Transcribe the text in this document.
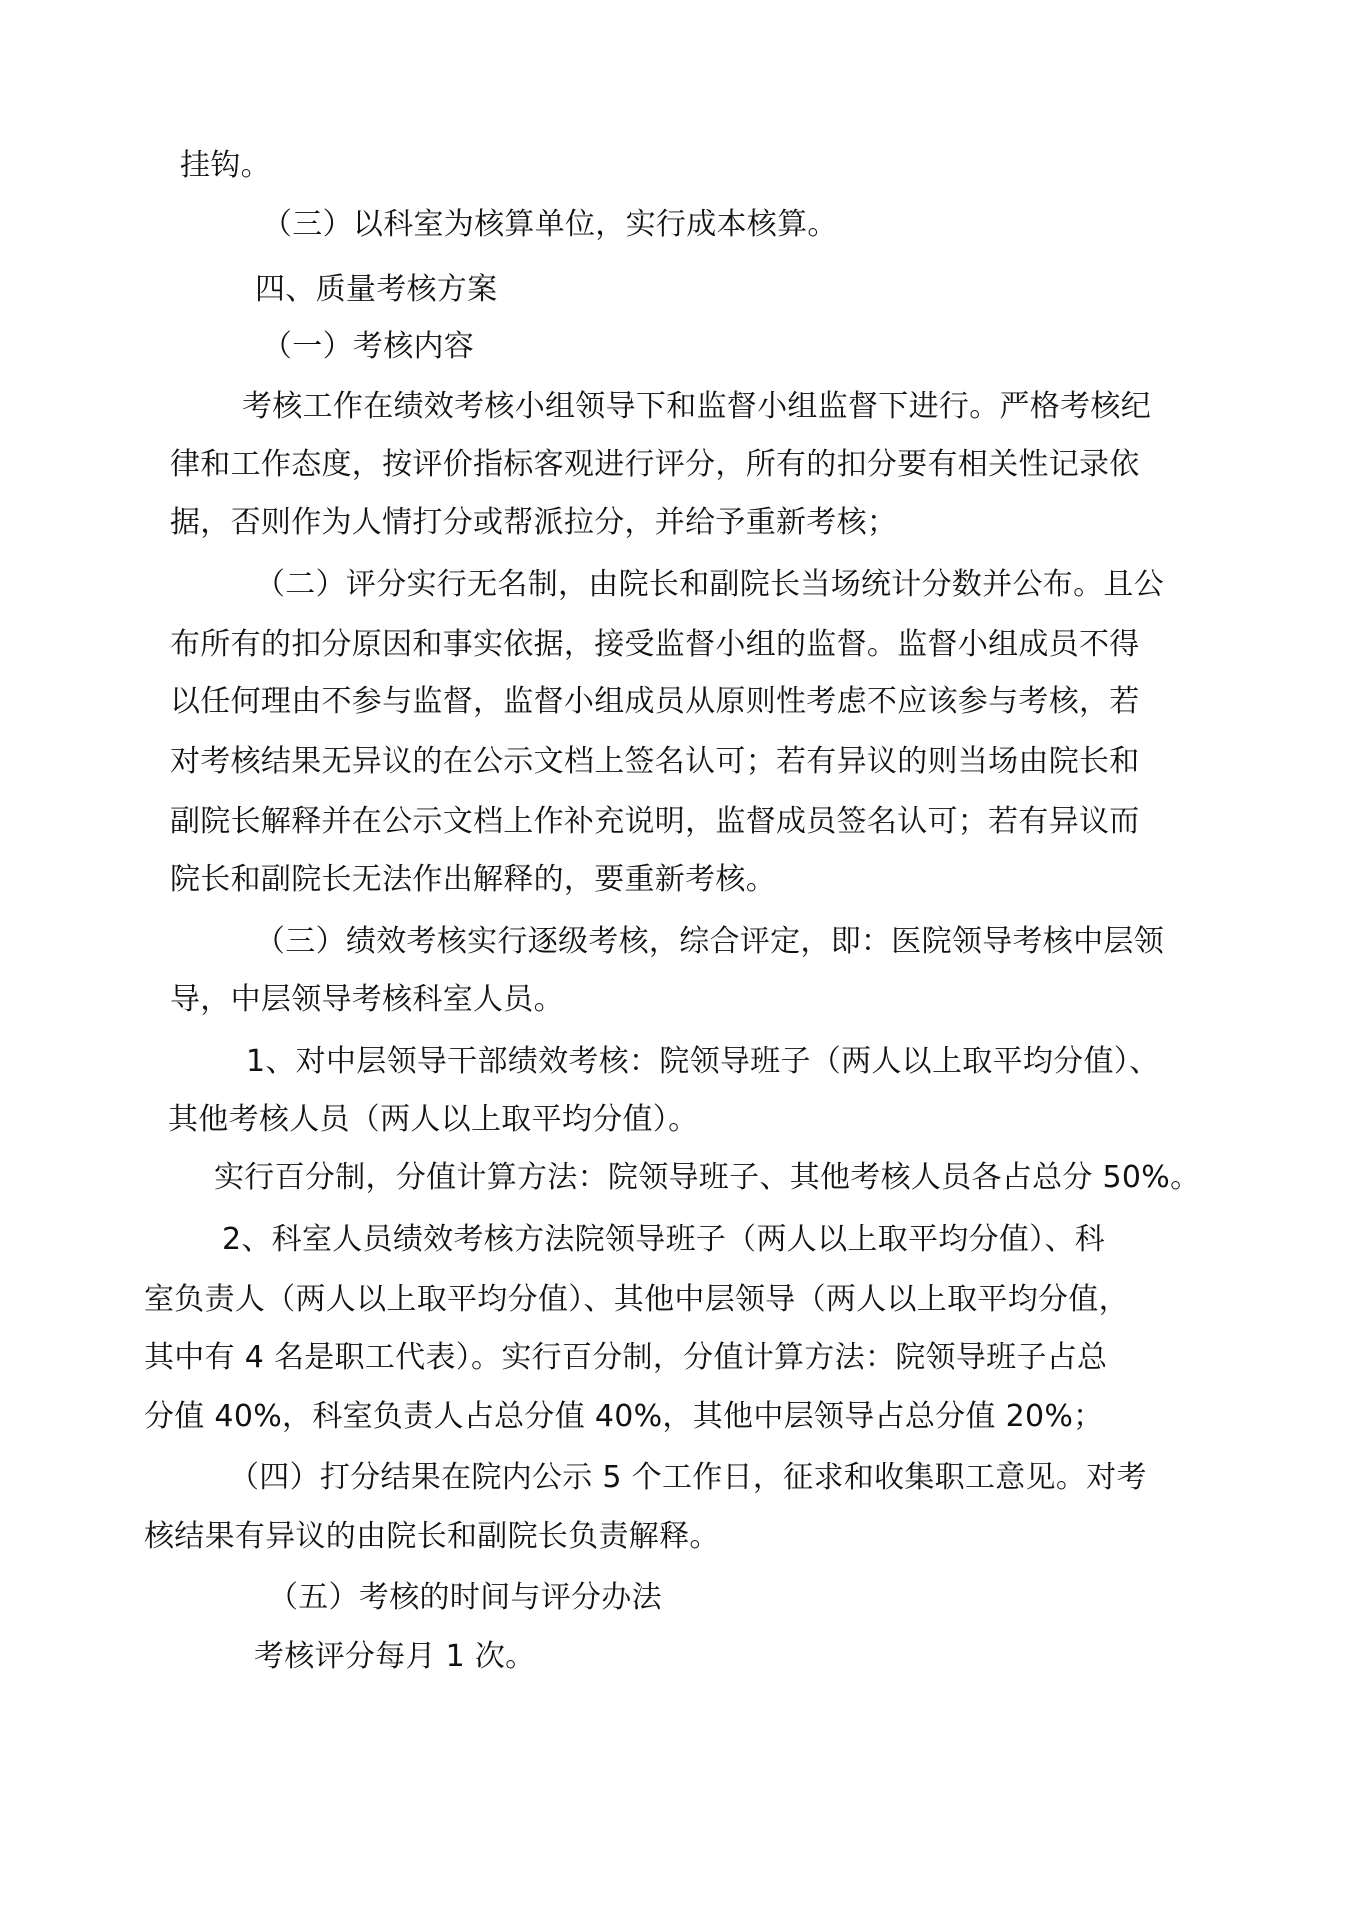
挂钩。

（三）以科室为核算单位，实行成本核算。

四、质量考核方案

（一）考核内容

考核工作在绩效考核小组领导下和监督小组监督下进行。严格考核纪

律和工作态度，按评价指标客观进行评分，所有的扣分要有相关性记录依

据，否则作为人情打分或帮派拉分，并给予重新考核；

（二）评分实行无名制，由院长和副院长当场统计分数并公布。且公

布所有的扣分原因和事实依据，接受监督小组的监督。监督小组成员不得

以任何理由不参与监督，监督小组成员从原则性考虑不应该参与考核，若

对考核结果无异议的在公示文档上签名认可；若有异议的则当场由院长和

副院长解释并在公示文档上作补充说明，监督成员签名认可；若有异议而

院长和副院长无法作出解释的，要重新考核。

（三）绩效考核实行逐级考核，综合评定，即：医院领导考核中层领

导，中层领导考核科室人员。

1、对中层领导干部绩效考核：院领导班子（两人以上取平均分值）、

其他考核人员（两人以上取平均分值）。

实行百分制，分值计算方法：院领导班子、其他考核人员各占总分 50%。

2、科室人员绩效考核方法院领导班子（两人以上取平均分值）、科

室负责人（两人以上取平均分值）、其他中层领导（两人以上取平均分值，

其中有 4 名是职工代表）。实行百分制，分值计算方法：院领导班子占总

分值 40%，科室负责人占总分值 40%，其他中层领导占总分值 20%；

（四）打分结果在院内公示 5 个工作日，征求和收集职工意见。对考

核结果有异议的由院长和副院长负责解释。

（五）考核的时间与评分办法

考核评分每月 1 次。
